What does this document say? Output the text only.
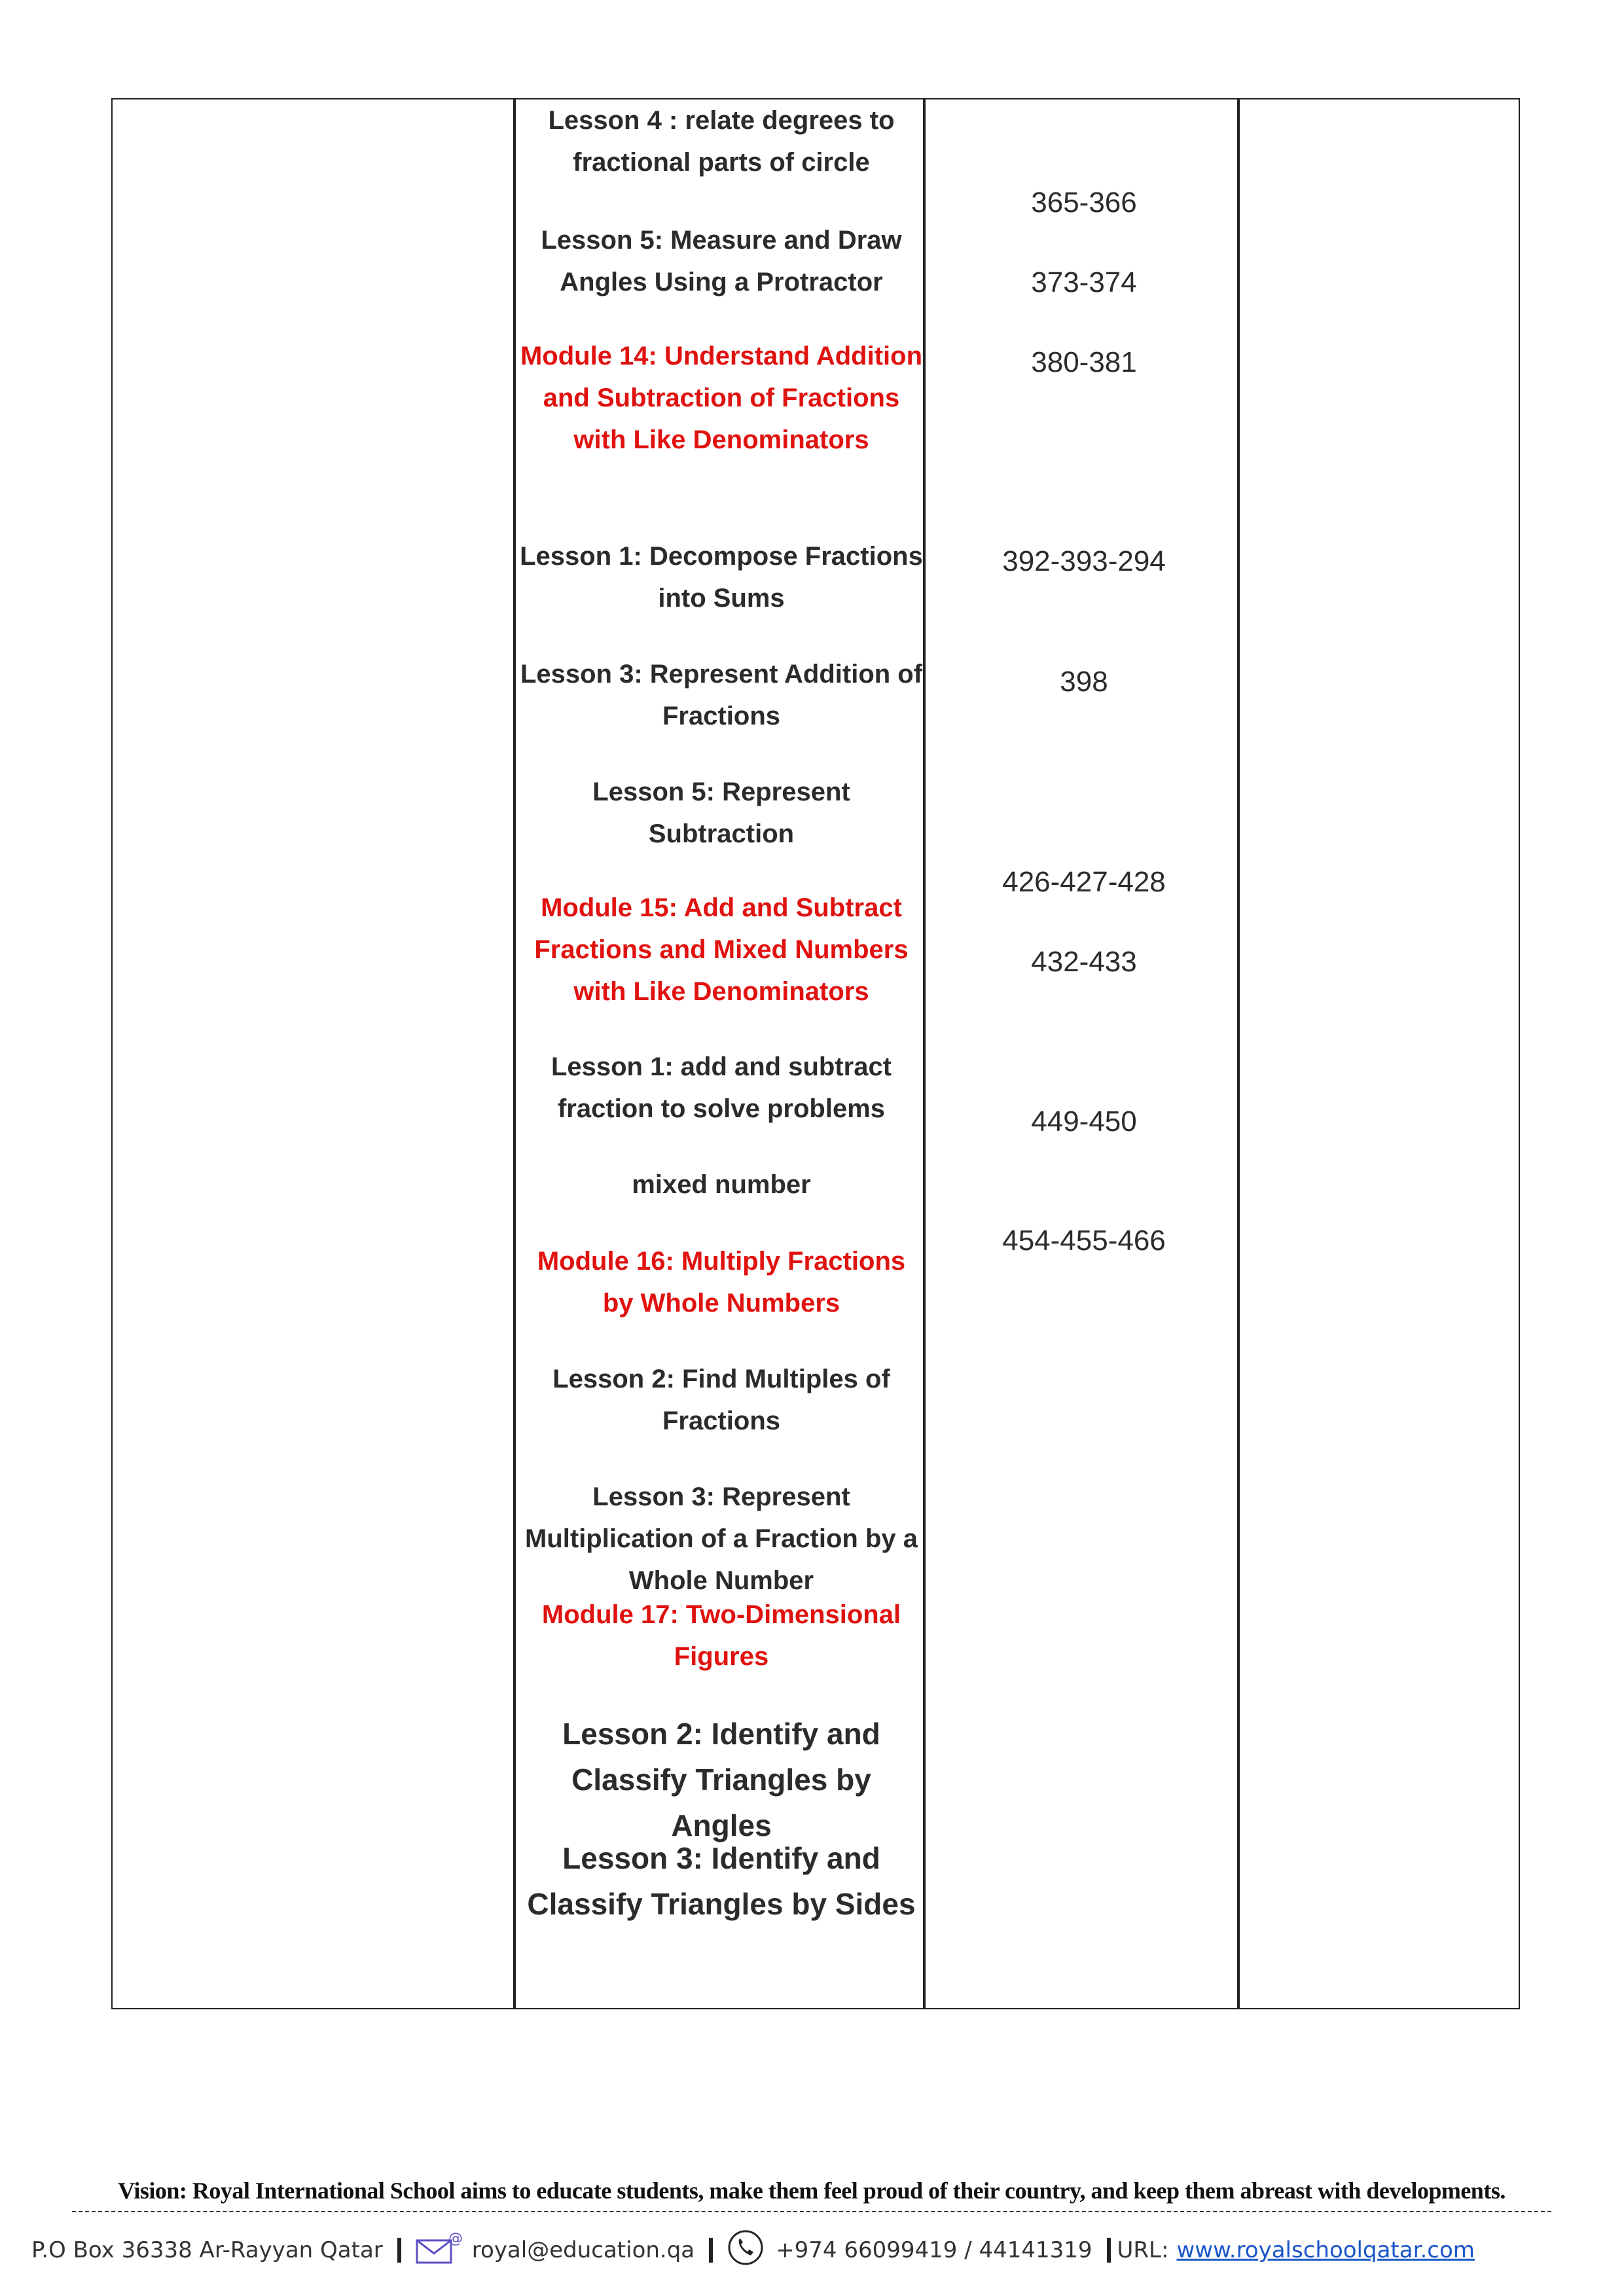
Lesson 4 : relate degrees to fractional parts of circle
Lesson 5: Measure and Draw Angles Using a Protractor
Module 14: Understand Addition and Subtraction of Fractions with Like Denominators
Lesson 1: Decompose Fractions into Sums
Lesson 3: Represent Addition of Fractions
Lesson 5: Represent Subtraction
Module 15: Add and Subtract Fractions and Mixed Numbers with Like Denominators
Lesson 1: add and subtract fraction to solve problems
mixed number
Module 16: Multiply Fractions by Whole Numbers
Lesson 2: Find Multiples of Fractions
Lesson 3: Represent Multiplication of a Fraction by a Whole Number
Module 17: Two-Dimensional Figures
Lesson 2: Identify and Classify Triangles by Angles
Lesson 3: Identify and Classify Triangles by Sides
365-366
373-374
380-381
392-393-294
398
426-427-428
432-433
449-450
454-455-466
Vision: Royal International School aims to educate students, make them feel proud of their country, and keep them abreast with developments.
P.O Box 36338 Ar-Rayyan Qatar	@ royal@education.qa	+974 66099419 / 44141319 URL: www.royalschoolqatar.com
